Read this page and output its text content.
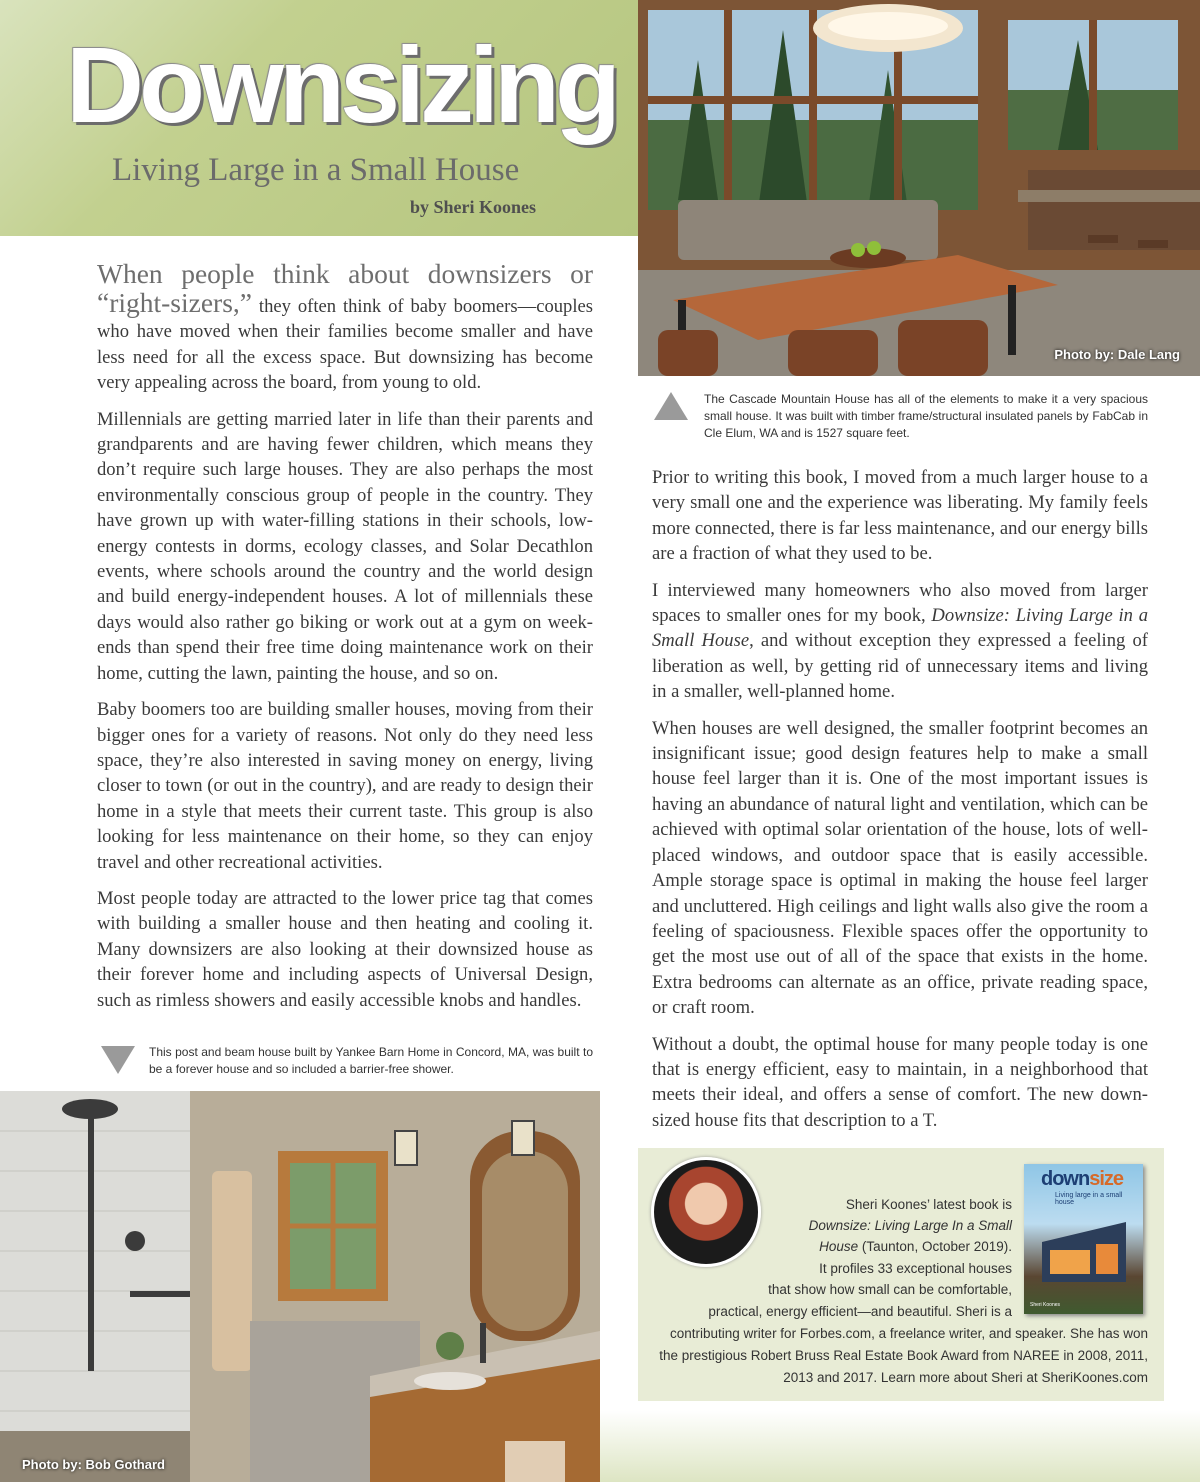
Downsizing
Living Large in a Small House
by Sheri Koones
Photo by: Dale Lang
The Cascade Mountain House has all of the elements to make it a very spacious small house. It was built with timber frame/structural insulated panels by FabCab in Cle Elum, WA and is 1527 square feet.

When people think about downsizers or
“right-sizers,” they often think of baby boomers—couples who have moved when their families become smaller and have less need for all the excess space. But downsizing has become very appealing across the board, from young to old.

Millennials are getting married later in life than their parents and grandparents and are having fewer children, which means they don’t require such large houses. They are also perhaps the most environmentally conscious group of people in the country. They have grown up with water-filling stations in their schools, low-energy contests in dorms, ecology classes, and Solar Decathlon events, where schools around the country and the world design and build energy-independent houses. A lot of millennials these days would also rather go biking or work out at a gym on week-ends than spend their free time doing maintenance work on their home, cutting the lawn, painting the house, and so on.

Baby boomers too are building smaller houses, moving from their bigger ones for a variety of reasons. Not only do they need less space, they’re also interested in saving money on energy, living closer to town (or out in the country), and are ready to design their home in a style that meets their current taste. This group is also looking for less maintenance on their home, so they can enjoy travel and other recreational activities.

Most people today are attracted to the lower price tag that comes with building a smaller house and then heating and cooling it. Many downsizers are also looking at their downsized house as their forever home and including aspects of Universal Design, such as rimless showers and easily accessible knobs and handles.

Prior to writing this book, I moved from a much larger house to a very small one and the experience was liberating. My family feels more connected, there is far less maintenance, and our energy bills are a fraction of what they used to be.

I interviewed many homeowners who also moved from larger spaces to smaller ones for my book, Downsize: Living Large in a Small House, and without exception they expressed a feeling of liberation as well, by getting rid of unnecessary items and living in a smaller, well-planned home.

When houses are well designed, the smaller footprint becomes an insignificant issue; good design features help to make a small house feel larger than it is. One of the most important issues is having an abundance of natural light and ventilation, which can be achieved with optimal solar orientation of the house, lots of well-placed windows, and outdoor space that is easily accessible. Ample storage space is optimal in making the house feel larger and uncluttered. High ceilings and light walls also give the room a feeling of spaciousness. Flexible spaces offer the opportunity to get the most use out of all of the space that exists in the home. Extra bedrooms can alternate as an office, private reading space, or craft room.

Without a doubt, the optimal house for many people today is one that is energy efficient, easy to maintain, in a neighborhood that meets their ideal, and offers a sense of comfort. The new down-sized house fits that description to a T.

This post and beam house built by Yankee Barn Home in Concord, MA, was built to be a forever house and so included a barrier-free shower.
Photo by: Bob Gothard
downsize
Living large in a small house
Sheri Koones
Sheri Koones’ latest book is
Downsize: Living Large In a Small
House (Taunton, October 2019).
It profiles 33 exceptional houses
that show how small can be comfortable,
practical, energy efficient—and beautiful. Sheri is a
contributing writer for Forbes.com, a freelance writer, and speaker. She has won
the prestigious Robert Bruss Real Estate Book Award from NAREE in 2008, 2011,
2013 and 2017. Learn more about Sheri at SheriKoones.com
